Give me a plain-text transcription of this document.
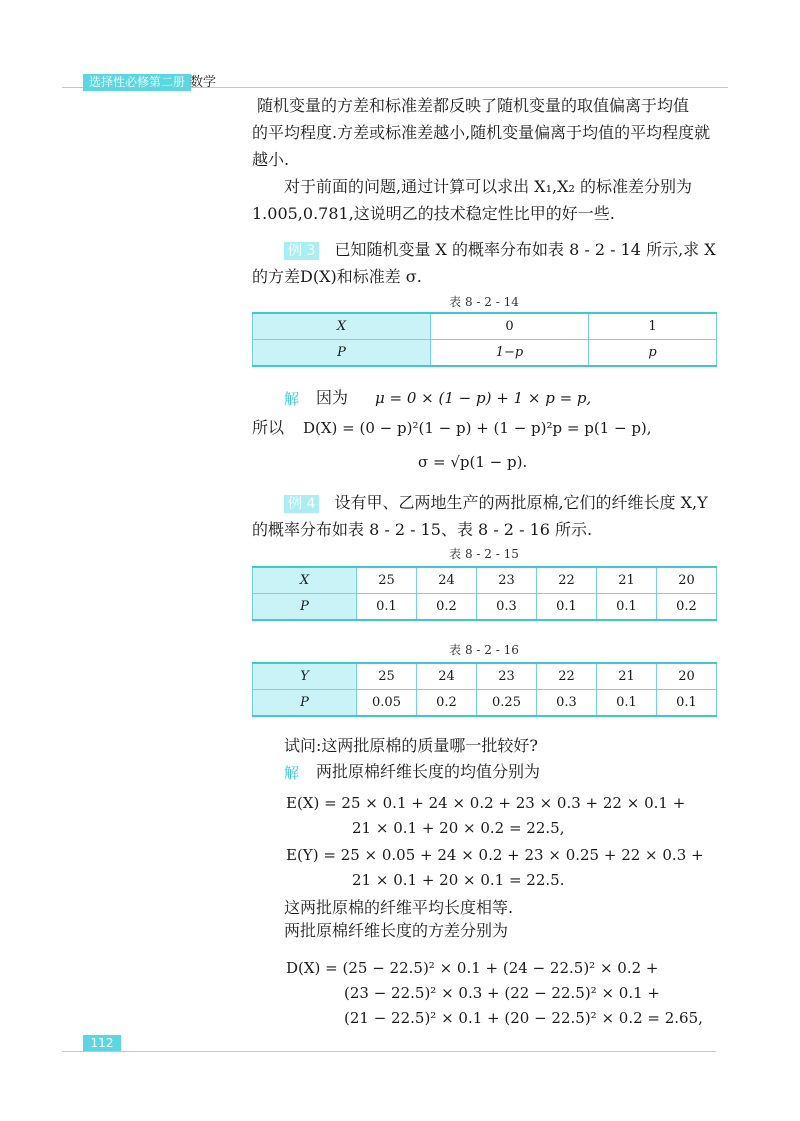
选择性必修第二册 数学
随机变量的方差和标准差都反映了随机变量的取值偏离于均值
的平均程度.方差或标准差越小,随机变量偏离于均值的平均程度就
越小.
对于前面的问题,通过计算可以求出 X₁,X₂ 的标准差分别为
1.005,0.781,这说明乙的技术稳定性比甲的好一些.
例 3 已知随机变量 X 的概率分布如表 8 - 2 - 14 所示,求 X
的方差D(X)和标准差 σ.
表 8 - 2 - 14
X	0	1
P	1−p	p
解 因为 μ = 0 × (1 − p) + 1 × p = p,
所以 D(X) = (0 − p)²(1 − p) + (1 − p)²p = p(1 − p),
σ = √p(1 − p).
例 4 设有甲、乙两地生产的两批原棉,它们的纤维长度 X,Y
的概率分布如表 8 - 2 - 15、表 8 - 2 - 16 所示.
表 8 - 2 - 15
X	25	24	23	22	21	20
P	0.1	0.2	0.3	0.1	0.1	0.2
表 8 - 2 - 16
Y	25	24	23	22	21	20
P	0.05	0.2	0.25	0.3	0.1	0.1
试问:这两批原棉的质量哪一批较好?
解 两批原棉纤维长度的均值分别为
E(X) = 25 × 0.1 + 24 × 0.2 + 23 × 0.3 + 22 × 0.1 +
21 × 0.1 + 20 × 0.2 = 22.5,
E(Y) = 25 × 0.05 + 24 × 0.2 + 23 × 0.25 + 22 × 0.3 +
21 × 0.1 + 20 × 0.1 = 22.5.
这两批原棉的纤维平均长度相等.
两批原棉纤维长度的方差分别为
D(X) = (25 − 22.5)² × 0.1 + (24 − 22.5)² × 0.2 +
(23 − 22.5)² × 0.3 + (22 − 22.5)² × 0.1 +
(21 − 22.5)² × 0.1 + (20 − 22.5)² × 0.2 = 2.65,
112
